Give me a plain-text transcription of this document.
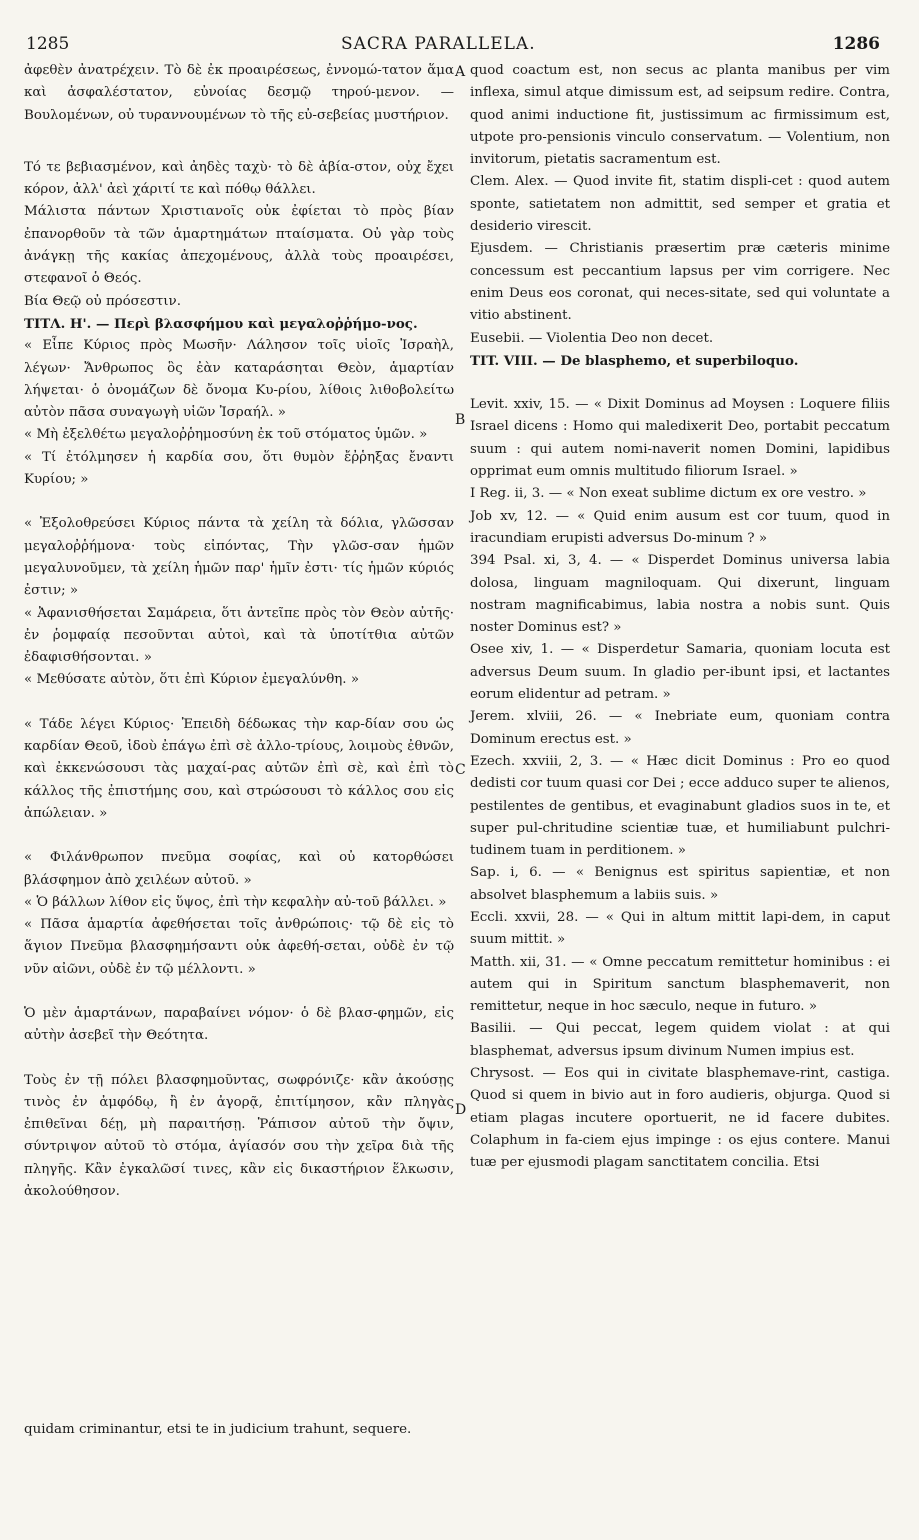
1285	SACRA PARALLELA.	1286

ἀφεθὲν ἀνατρέχειν. Τὸ δὲ ἐκ προαιρέσεως, ἐννομώ-τατον ἅμα καὶ ἀσφαλέστατον, εὐνοίας δεσμῷ τηρού-μενον. — Βουλομένων, οὐ τυραννουμένων τὸ τῆς εὐ-σεβείας μυστήριον.

Τό τε βεβιασμένον, καὶ ἀηδὲς ταχὺ· τὸ δὲ ἀβία-στον, οὐχ ἔχει κόρον, ἀλλ' ἀεὶ χάριτί τε καὶ πόθῳ θάλλει.

Μάλιστα πάντων Χριστιανοῖς οὐκ ἐφίεται τὸ πρὸς βίαν ἐπανορθοῦν τὰ τῶν ἁμαρτημάτων πταίσματα. Οὐ γὰρ τοὺς ἀνάγκῃ τῆς κακίας ἀπεχομένους, ἀλλὰ τοὺς προαιρέσει, στεφανοῖ ὁ Θεός.

Βία Θεῷ οὐ πρόσεστιν.

ΤΙΤΛ. Η'. — Περὶ βλασφήμου καὶ μεγαλοῤῥήμο-νος.

« Εἶπε Κύριος πρὸς Μωσῆν· Λάλησον τοῖς υἱοῖς Ἰσραὴλ, λέγων· Ἄνθρωπος ὃς ἐὰν καταράσηται Θεὸν, ἁμαρτίαν λήψεται· ὁ ὀνομάζων δὲ ὄνομα Κυ-ρίου, λίθοις λιθοβολείτω αὐτὸν πᾶσα συναγωγὴ υἱῶν Ἰσραήλ. »

« Μὴ ἐξελθέτω μεγαλοῤῥημοσύνη ἐκ τοῦ στόματος ὑμῶν. »

« Τί ἐτόλμησεν ἡ καρδία σου, ὅτι θυμὸν ἔῤῥηξας ἔναντι Κυρίου; »

« Ἐξολοθρεύσει Κύριος πάντα τὰ χείλη τὰ δόλια, γλῶσσαν μεγαλοῤῥήμονα· τοὺς εἰπόντας, Τὴν γλῶσ-σαν ἡμῶν μεγαλυνοῦμεν, τὰ χείλη ἡμῶν παρ' ἡμῖν ἐστι· τίς ἡμῶν κύριός ἐστιν; »

« Ἀφανισθήσεται Σαμάρεια, ὅτι ἀντεῖπε πρὸς τὸν Θεὸν αὐτῆς· ἐν ῥομφαίᾳ πεσοῦνται αὐτοὶ, καὶ τὰ ὑποτίτθια αὐτῶν ἐδαφισθήσονται. »

« Μεθύσατε αὐτὸν, ὅτι ἐπὶ Κύριον ἐμεγαλύνθη. »

« Τάδε λέγει Κύριος· Ἐπειδὴ δέδωκας τὴν καρ-δίαν σου ὡς καρδίαν Θεοῦ, ἰδοὺ ἐπάγω ἐπὶ σὲ ἀλλο-τρίους, λοιμοὺς ἐθνῶν, καὶ ἐκκενώσουσι τὰς μαχαί-ρας αὐτῶν ἐπὶ σὲ, καὶ ἐπὶ τὸ κάλλος τῆς ἐπιστήμης σου, καὶ στρώσουσι τὸ κάλλος σου εἰς ἀπώλειαν. »

« Φιλάνθρωπον πνεῦμα σοφίας, καὶ οὐ κατορθώσει βλάσφημον ἀπὸ χειλέων αὐτοῦ. »

« Ὁ βάλλων λίθον εἰς ὕψος, ἐπὶ τὴν κεφαλὴν αὐ-τοῦ βάλλει. »

« Πᾶσα ἁμαρτία ἀφεθήσεται τοῖς ἀνθρώποις· τῷ δὲ εἰς τὸ ἅγιον Πνεῦμα βλασφημήσαντι οὐκ ἀφεθή-σεται, οὐδὲ ἐν τῷ νῦν αἰῶνι, οὐδὲ ἐν τῷ μέλλοντι. »

Ὁ μὲν ἁμαρτάνων, παραβαίνει νόμον· ὁ δὲ βλασ-φημῶν, εἰς αὐτὴν ἀσεβεῖ τὴν Θεότητα.

Τοὺς ἐν τῇ πόλει βλασφημοῦντας, σωφρόνιζε· κἂν ἀκούσῃς τινὸς ἐν ἀμφόδῳ, ἢ ἐν ἀγορᾷ, ἐπιτίμησον, κἂν πληγὰς ἐπιθεῖναι δέῃ, μὴ παραιτήσῃ. Ῥάπισον αὐτοῦ τὴν ὄψιν, σύντριψον αὐτοῦ τὸ στόμα, ἁγίασόν σου τὴν χεῖρα διὰ τῆς πληγῆς. Κἂν ἐγκαλῶσί τινες, κἂν εἰς δικαστήριον ἕλκωσιν, ἀκολούθησον.

quod coactum est, non secus ac planta manibus per vim inflexa, simul atque dimissum est, ad seipsum redire. Contra, quod animi inductione fit, justissimum ac firmissimum est, utpote pro-pensionis vinculo conservatum. — Volentium, non invitorum, pietatis sacramentum est.

Clem. Alex. — Quod invite fit, statim displi-cet : quod autem sponte, satietatem non admittit, sed semper et gratia et desiderio virescit.

Ejusdem. — Christianis præsertim præ cæteris minime concessum est peccantium lapsus per vim corrigere. Nec enim Deus eos coronat, qui neces-sitate, sed qui voluntate a vitio abstinent.

Eusebii. — Violentia Deo non decet.

TIT. VIII. — De blasphemo, et superbiloquo.

Levit. xxiv, 15. — « Dixit Dominus ad Moysen : Loquere filiis Israel dicens : Homo qui maledixerit Deo, portabit peccatum suum : qui autem nomi-naverit nomen Domini, lapidibus opprimat eum omnis multitudo filiorum Israel. »

I Reg. ii, 3. — « Non exeat sublime dictum ex ore vestro. »

Job xv, 12. — « Quid enim ausum est cor tuum, quod in iracundiam erupisti adversus Do-minum ? »

394 Psal. xi, 3, 4. — « Disperdet Dominus universa labia dolosa, linguam magniloquam. Qui dixerunt, linguam nostram magnificabimus, labia nostra a nobis sunt. Quis noster Dominus est? »

Osee xiv, 1. — « Disperdetur Samaria, quoniam locuta est adversus Deum suum. In gladio per-ibunt ipsi, et lactantes eorum elidentur ad petram. »

Jerem. xlviii, 26. — « Inebriate eum, quoniam contra Dominum erectus est. »

Ezech. xxviii, 2, 3. — « Hæc dicit Dominus : Pro eo quod dedisti cor tuum quasi cor Dei ; ecce adduco super te alienos, pestilentes de gentibus, et evaginabunt gladios suos in te, et super pul-chritudine scientiæ tuæ, et humiliabunt pulchri-tudinem tuam in perditionem. »

Sap. i, 6. — « Benignus est spiritus sapientiæ, et non absolvet blasphemum a labiis suis. »

Eccli. xxvii, 28. — « Qui in altum mittit lapi-dem, in caput suum mittit. »

Matth. xii, 31. — « Omne peccatum remittetur hominibus : ei autem qui in Spiritum sanctum blasphemaverit, non remittetur, neque in hoc sæculo, neque in futuro. »

Basilii. — Qui peccat, legem quidem violat : at qui blasphemat, adversus ipsum divinum Numen impius est.

Chrysost. — Eos qui in civitate blasphemave-rint, castiga. Quod si quem in bivio aut in foro audieris, objurga. Quod si etiam plagas incutere oportuerit, ne id facere dubites. Colaphum in fa-ciem ejus impinge : os ejus contere. Manui tuæ per ejusmodi plagam sanctitatem concilia. Etsi

A
B
C
D
quidam criminantur, etsi te in judicium trahunt, sequere.
